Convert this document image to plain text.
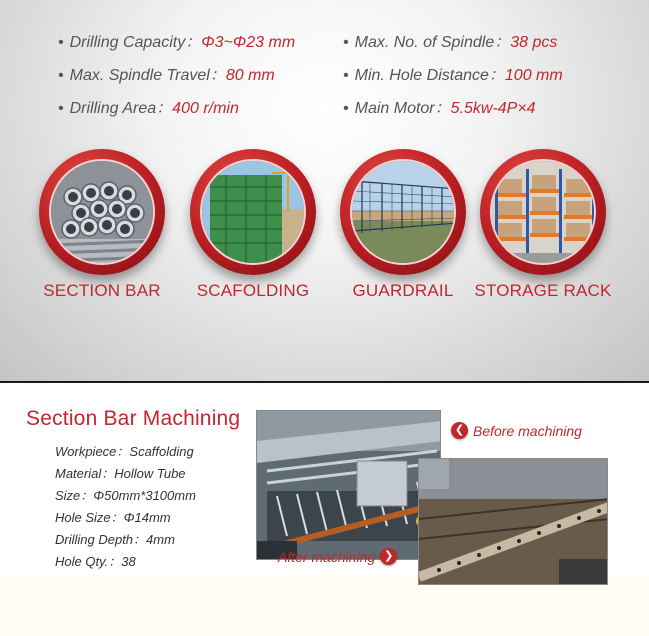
• Drilling Capacity：Φ3~Φ23 mm
• Max. Spindle Travel：80 mm
• Drilling Area：400 r/min
• Max. No. of Spindle：38 pcs
• Min. Hole Distance：100 mm
• Main Motor：5.5kw-4P×4
SECTION BAR	SCAFOLDING	GUARDRAIL	STORAGE RACK
Section Bar Machining
Workpiece：Scaffolding
Material：Hollow Tube
Size：Φ50mm*3100mm
Hole Size：Φ14mm
Drilling Depth：4mm
Hole Qty.：38
❮ Before machining
After machining ❯
